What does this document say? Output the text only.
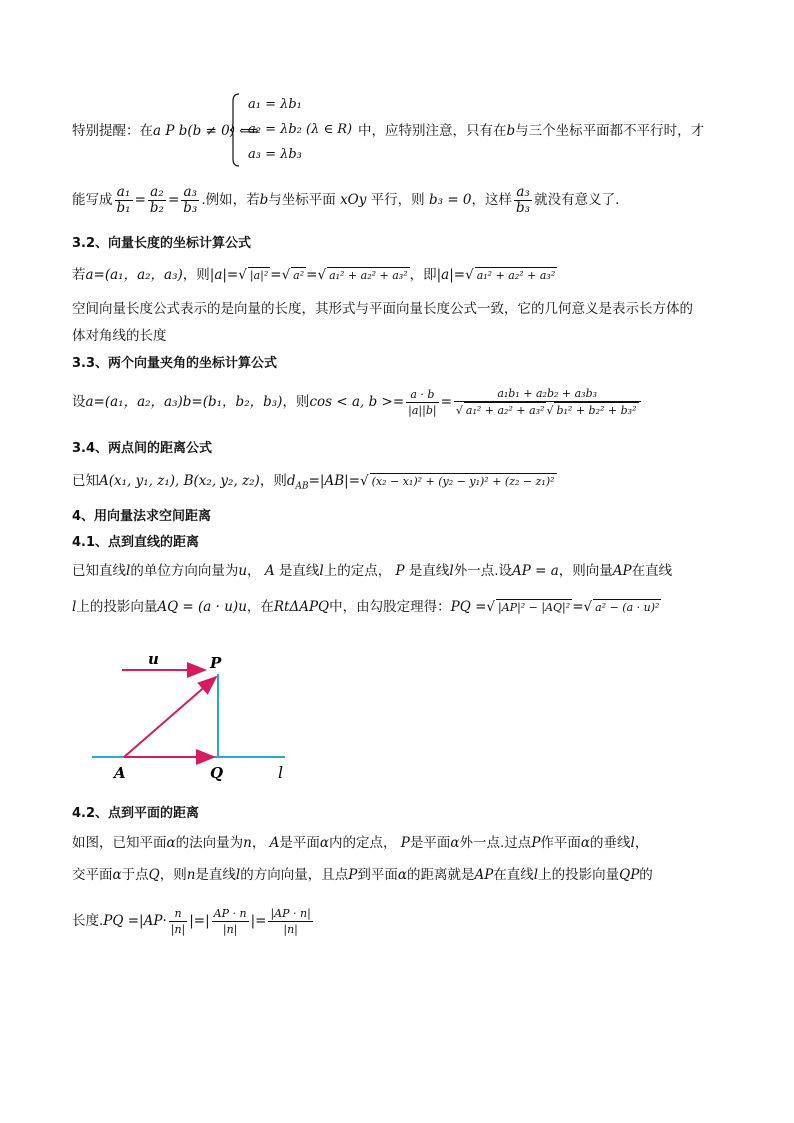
特别提醒：在a P b(b ≠ 0) ⟺
a₁ = λb₁
a₂ = λb₂ (λ ∈ R)
a₃ = λb₃
中，应特别注意，只有在b与三个坐标平面都不平行时，才
能写成 $\frac{\text{a₁}}{\text{b₁}} = \frac{\text{a₂}}{\text{b₂}} = \frac{\text{a₃}}{\text{b₃}}$ .例如，若b与坐标平面 xOy 平行，则 b₃ = 0，这样 $\frac{\text{a₃}}{\text{b₃}}$ 就没有意义了.
3.2、向量长度的坐标计算公式
若a=(a₁，a₂，a₃)，则|a|=√ |a|² =√ a² =√ a₁² + a₂² + a₃² ，即|a|=√ a₁² + a₂² + a₃²
空间向量长度公式表示的是向量的长度，其形式与平面向量长度公式一致，它的几何意义是表示长方体的
体对角线的长度
3.3、两个向量夹角的坐标计算公式
设a=(a₁，a₂，a₃)b=(b₁，b₂，b₃)，则cos < a, $b >= \frac{a \cdot b}{|a||b|} = \frac{\text{a₁b₁ + a₂b₂ + a₃b₃}}{\text{√ a₁² + a₂² + a₃² √ b₁² + b₂² + b₃²}}$
3.4、两点间的距离公式
已知A(x₁, y₁, z₁), B(x₂, y₂, z₂)，则$d_{AB}=|AB|=√$ (x₂ − x₁)² + (y₂ − y₁)² + (z₂ − z₁)²
4、用向量法求空间距离
4.1、点到直线的距离
已知直线l的单位方向向量为u， A 是直线l上的定点， P 是直线l外一点.设AP = a，则向量AP在直线
l上的投影向量AQ = (a · u)u，在RtΔAPQ中，由勾股定理得：PQ =√ |AP|² − |AQ|² =√ a² − (a · u)²
u	P
A	Q	l
4.2、点到平面的距离
如图，已知平面α的法向量为n， A是平面α内的定点， P是平面α外一点.过点P作平面α的垂线l，
交平面α于点Q，则n是直线l的方向向量，且点P到平面α的距离就是AP在直线l上的投影向量QP的
长度$.PQ =|AP\cdot \frac{n}{|n|}$ |=| $\frac{AP \cdot n}{|n|}$ |= $\frac{|AP \cdot n|}{|n|}$
